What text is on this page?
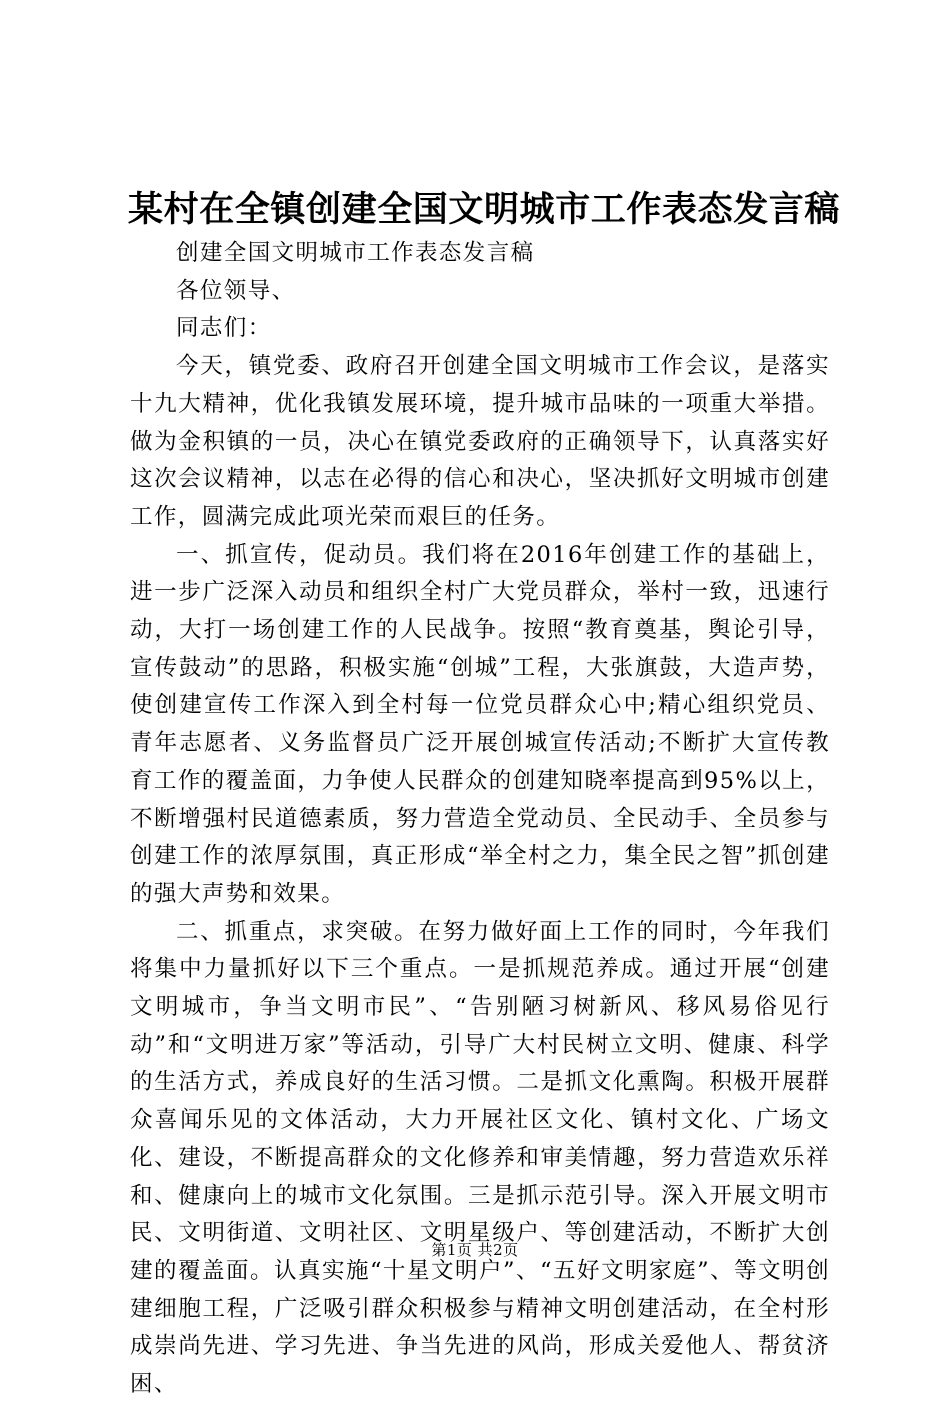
某村在全镇创建全国文明城市工作表态发言稿

创建全国文明城市工作表态发言稿

各位领导、

同志们：

今天，镇党委、政府召开创建全国文明城市工作会议，是落实十九大精神，优化我镇发展环境，提升城市品味的一项重大举措。做为金积镇的一员，决心在镇党委政府的正确领导下，认真落实好这次会议精神，以志在必得的信心和决心，坚决抓好文明城市创建工作，圆满完成此项光荣而艰巨的任务。

一、抓宣传，促动员。我们将在2016年创建工作的基础上，进一步广泛深入动员和组织全村广大党员群众，举村一致，迅速行动，大打一场创建工作的人民战争。按照“教育奠基，舆论引导，宣传鼓动”的思路，积极实施“创城”工程，大张旗鼓，大造声势，使创建宣传工作深入到全村每一位党员群众心中;精心组织党员、青年志愿者、义务监督员广泛开展创城宣传活动;不断扩大宣传教育工作的覆盖面，力争使人民群众的创建知晓率提高到95%以上，不断增强村民道德素质，努力营造全党动员、全民动手、全员参与创建工作的浓厚氛围，真正形成“举全村之力，集全民之智”抓创建的强大声势和效果。

二、抓重点，求突破。在努力做好面上工作的同时，今年我们将集中力量抓好以下三个重点。一是抓规范养成。通过开展“创建文明城市，争当文明市民”、“告别陋习树新风、移风易俗见行动”和“文明进万家”等活动，引导广大村民树立文明、健康、科学的生活方式，养成良好的生活习惯。二是抓文化熏陶。积极开展群众喜闻乐见的文体活动，大力开展社区文化、镇村文化、广场文化、建设，不断提高群众的文化修养和审美情趣，努力营造欢乐祥和、健康向上的城市文化氛围。三是抓示范引导。深入开展文明市民、文明街道、文明社区、文明星级户、等创建活动，不断扩大创建的覆盖面。认真实施“十星文明户”、“五好文明家庭”、等文明创建细胞工程，广泛吸引群众积极参与精神文明创建活动，在全村形成崇尚先进、学习先进、争当先进的风尚，形成关爱他人、帮贫济困、

第1页 共2页
